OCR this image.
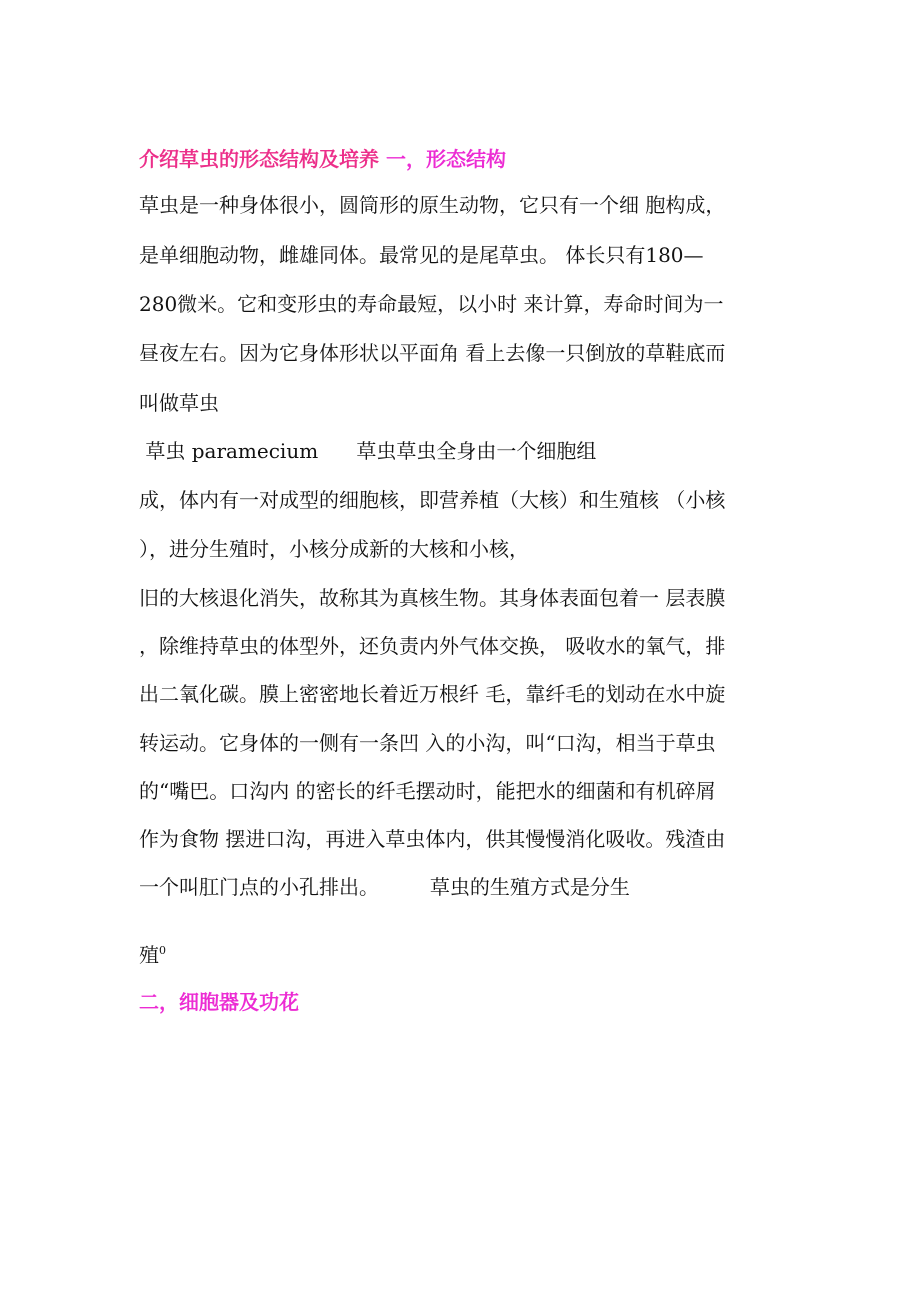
介绍草虫的形态结构及培养 一，形态结构

草虫是一种身体很小，圆筒形的原生动物，它只有一个细 胞构成，

是单细胞动物，雌雄同体。最常见的是尾草虫。 体长只有180—

280微米。它和变形虫的寿命最短，以小时 来计算，寿命时间为一

昼夜左右。因为它身体形状以平面角 看上去像一只倒放的草鞋底而

叫做草虫

草虫 paramecium      草虫草虫全身由一个细胞组

成，体内有一对成型的细胞核，即营养植（大核）和生殖核 （小核

），进分生殖时，小核分成新的大核和小核，

旧的大核退化消失，故称其为真核生物。其身体表面包着一 层表膜

，除维持草虫的体型外，还负责内外气体交换， 吸收水的氧气，排

出二氧化碳。膜上密密地长着近万根纤 毛，靠纤毛的划动在水中旋

转运动。它身体的一侧有一条凹 入的小沟，叫“口沟，相当于草虫

的“嘴巴。口沟内 的密长的纤毛摆动时，能把水的细菌和有机碎屑

作为食物 摆进口沟，再进入草虫体内，供其慢慢消化吸收。残渣由

一个叫肛门点的小孔排出。        草虫的生殖方式是分生

殖$^0$

二，细胞器及功花
